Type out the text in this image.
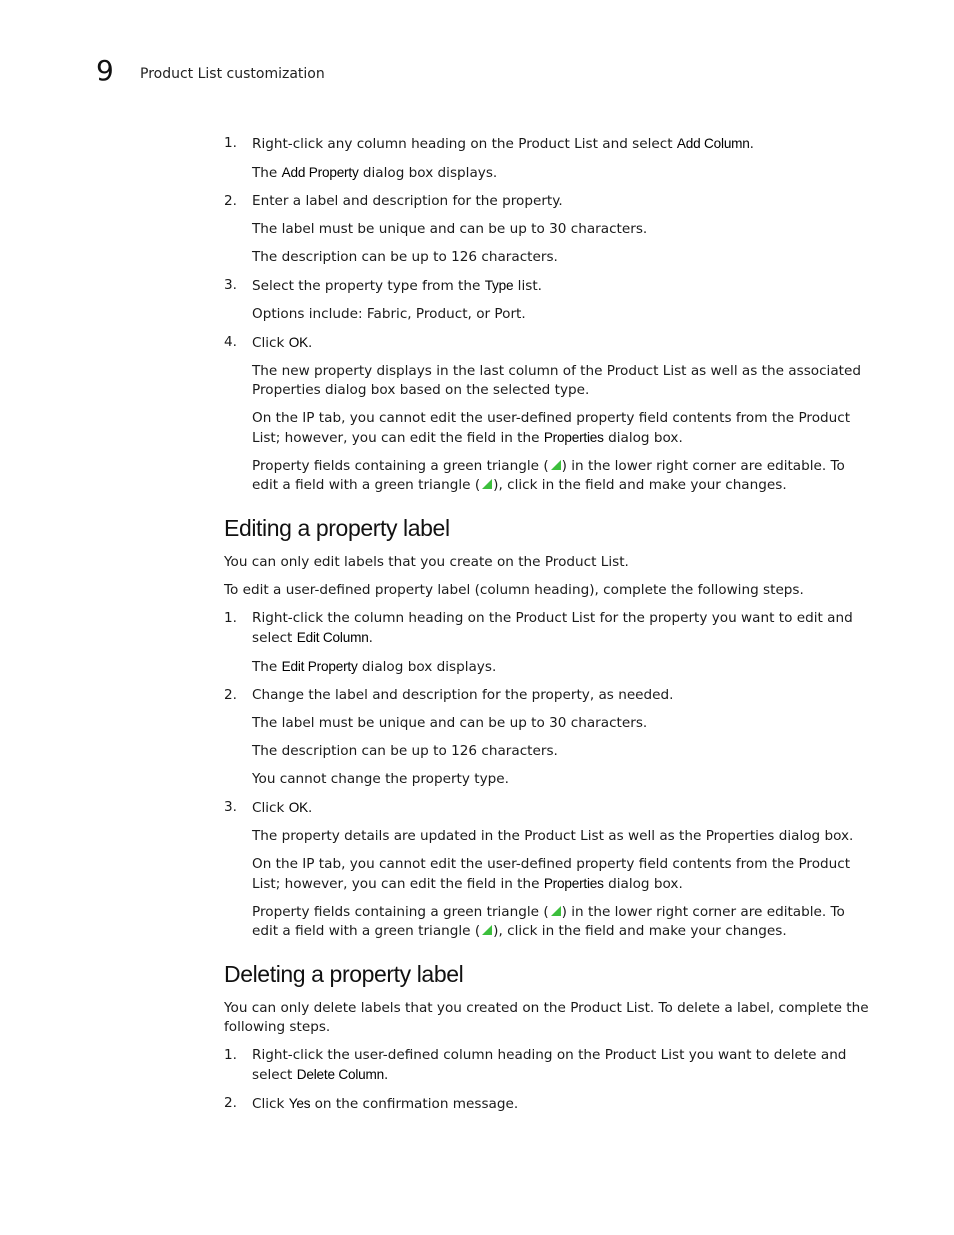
9 Product List customization
1. Right-click any column heading on the Product List and select Add Column.
The Add Property dialog box displays.
2. Enter a label and description for the property.
The label must be unique and can be up to 30 characters.
The description can be up to 126 characters.
3. Select the property type from the Type list.
Options include: Fabric, Product, or Port.
4. Click OK.
The new property displays in the last column of the Product List as well as the associated Properties dialog box based on the selected type.
On the IP tab, you cannot edit the user-defined property field contents from the Product List; however, you can edit the field in the Properties dialog box.
Property fields containing a green triangle ( ) in the lower right corner are editable. To edit a field with a green triangle ( ), click in the field and make your changes.
Editing a property label
You can only edit labels that you create on the Product List.
To edit a user-defined property label (column heading), complete the following steps.
1. Right-click the column heading on the Product List for the property you want to edit and select Edit Column.
The Edit Property dialog box displays.
2. Change the label and description for the property, as needed.
The label must be unique and can be up to 30 characters.
The description can be up to 126 characters.
You cannot change the property type.
3. Click OK.
The property details are updated in the Product List as well as the Properties dialog box.
On the IP tab, you cannot edit the user-defined property field contents from the Product List; however, you can edit the field in the Properties dialog box.
Property fields containing a green triangle ( ) in the lower right corner are editable. To edit a field with a green triangle ( ), click in the field and make your changes.
Deleting a property label
You can only delete labels that you created on the Product List. To delete a label, complete the following steps.
1. Right-click the user-defined column heading on the Product List you want to delete and select Delete Column.
2. Click Yes on the confirmation message.
